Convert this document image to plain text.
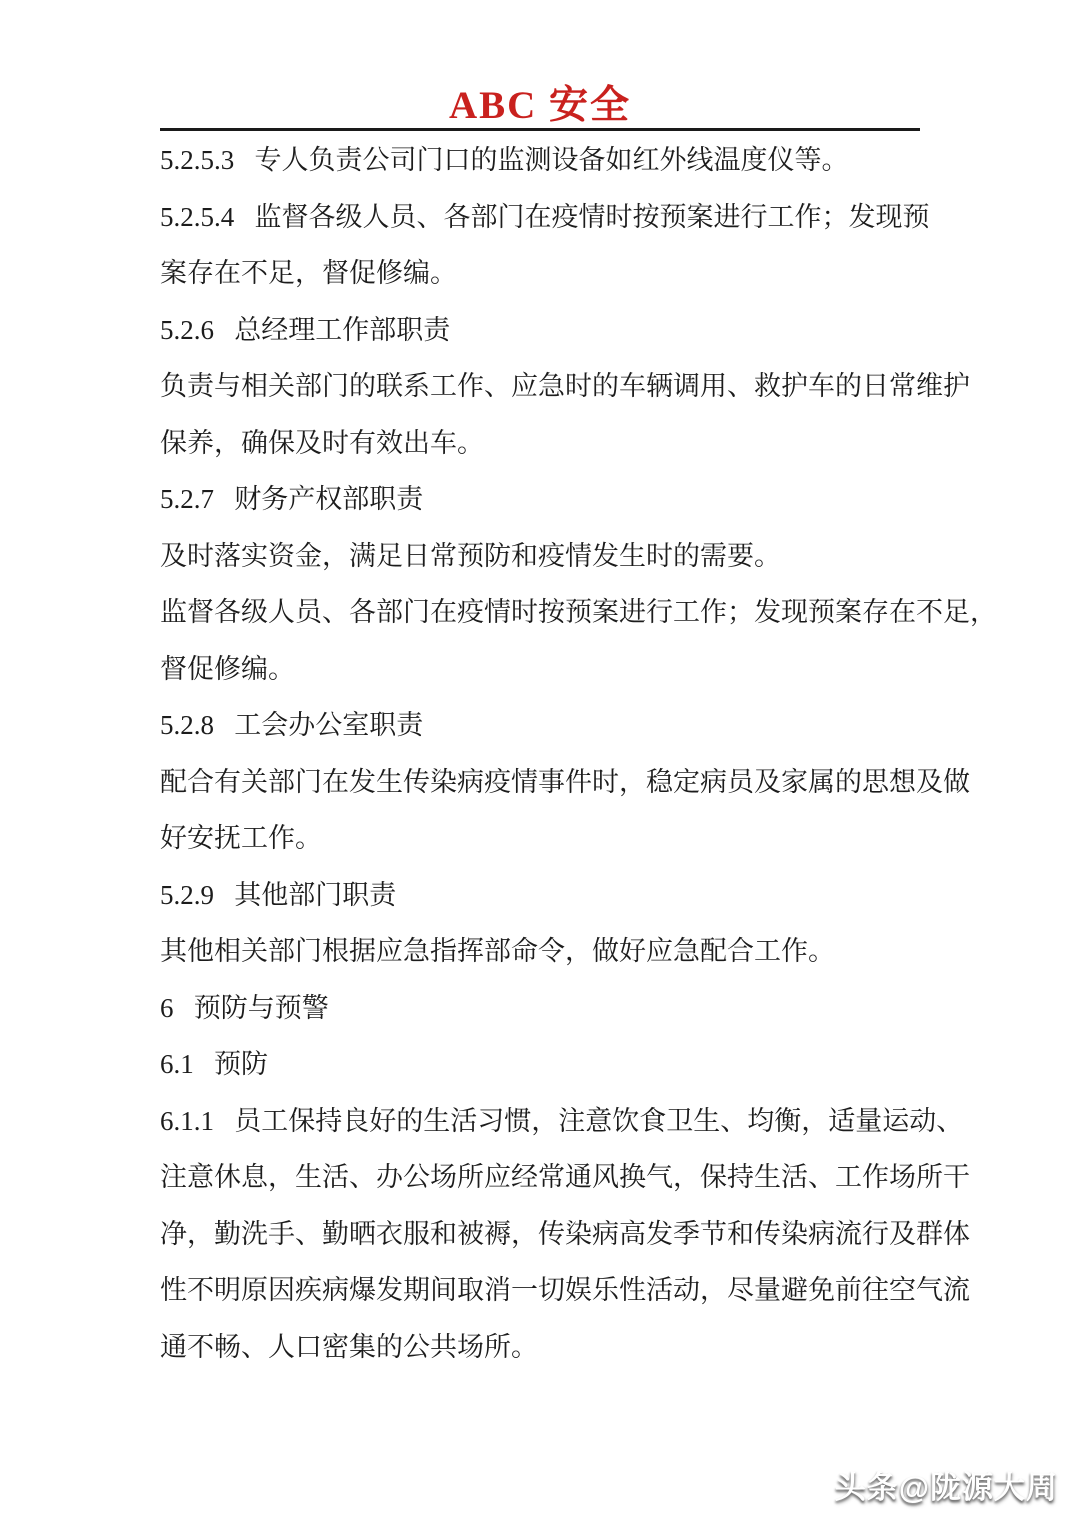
ABC 安全
5.2.5.3   专人负责公司门口的监测设备如红外线温度仪等。
5.2.5.4   监督各级人员、各部门在疫情时按预案进行工作；发现预
案存在不足，督促修编。
5.2.6   总经理工作部职责
负责与相关部门的联系工作、应急时的车辆调用、救护车的日常维护
保养，确保及时有效出车。
5.2.7   财务产权部职责
及时落实资金，满足日常预防和疫情发生时的需要。
监督各级人员、各部门在疫情时按预案进行工作；发现预案存在不足，
督促修编。
5.2.8   工会办公室职责
配合有关部门在发生传染病疫情事件时，稳定病员及家属的思想及做
好安抚工作。
5.2.9   其他部门职责
其他相关部门根据应急指挥部命令，做好应急配合工作。
6   预防与预警
6.1   预防
6.1.1   员工保持良好的生活习惯，注意饮食卫生、均衡，适量运动、
注意休息，生活、办公场所应经常通风换气，保持生活、工作场所干
净，勤洗手、勤晒衣服和被褥，传染病高发季节和传染病流行及群体
性不明原因疾病爆发期间取消一切娱乐性活动，尽量避免前往空气流
通不畅、人口密集的公共场所。
头条@陇源大周
